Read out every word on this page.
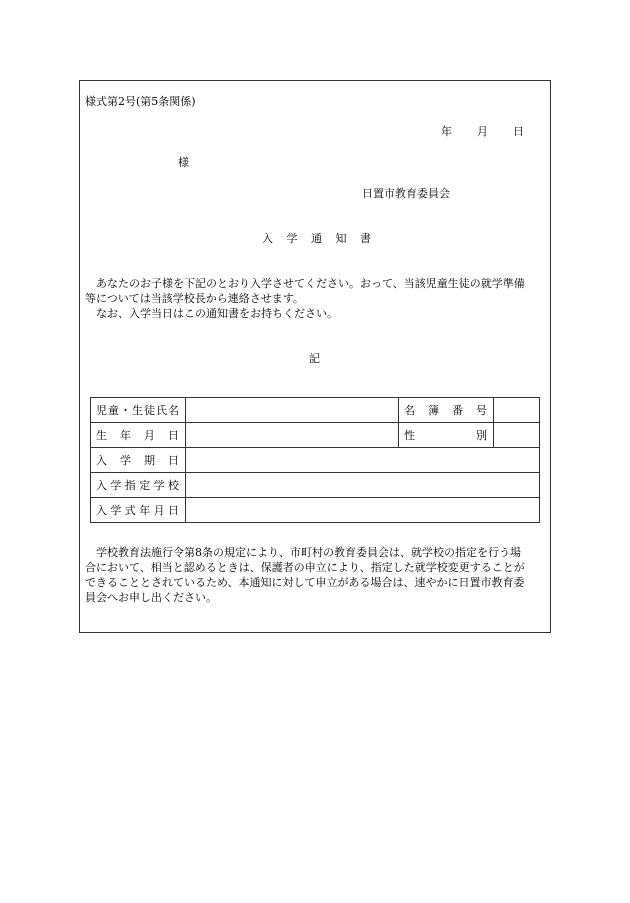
様式第2号(第5条関係)
年 月 日
様
日置市教育委員会
入 学 通 知 書
あなたのお子様を下記のとおり入学させてください。おって、当該児童生徒の就学準備
等については当該学校長から連絡させます。
なお、入学当日はこの通知書をお持ちください。
記
児童・生徒氏名		名 簿 番 号	

生 年 月 日		性 別	

入 学 期 日			

入学指定学校			

入学式年月日			

学校教育法施行令第8条の規定により、市町村の教育委員会は、就学校の指定を行う場
合において、相当と認めるときは、保護者の申立により、指定した就学校変更することが
できることとされているため、本通知に対して申立がある場合は、速やかに日置市教育委
員会へお申し出ください。
